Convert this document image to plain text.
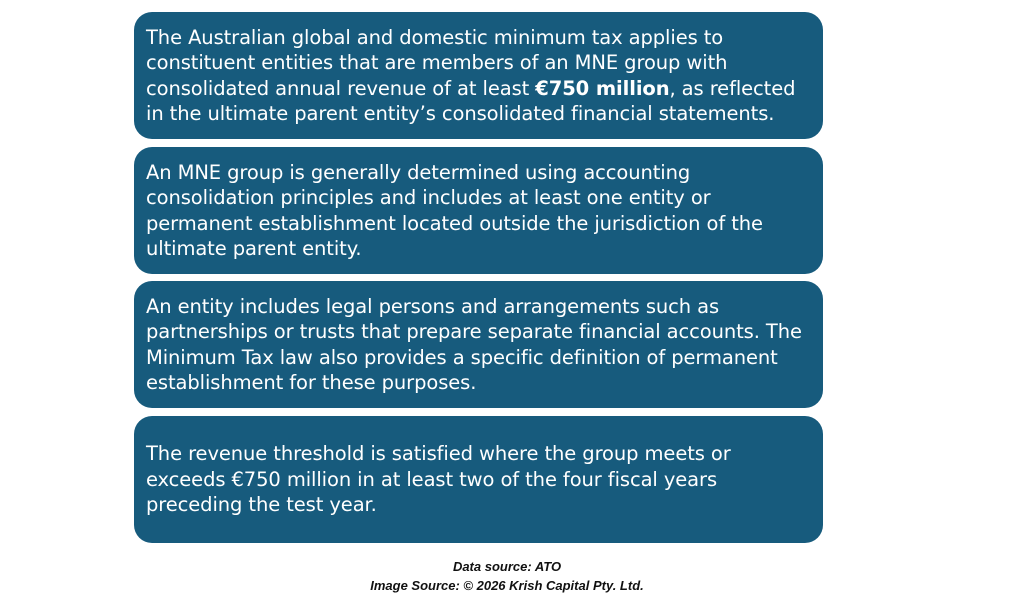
The Australian global and domestic minimum tax applies to constituent entities that are members of an MNE group with consolidated annual revenue of at least €750 million, as reflected in the ultimate parent entity’s consolidated financial statements.

An MNE group is generally determined using accounting consolidation principles and includes at least one entity or permanent establishment located outside the jurisdiction of the ultimate parent entity.

An entity includes legal persons and arrangements such as partnerships or trusts that prepare separate financial accounts. The Minimum Tax law also provides a specific definition of permanent establishment for these purposes.

The revenue threshold is satisfied where the group meets or exceeds €750 million in at least two of the four fiscal years preceding the test year.

Data source: ATO
Image Source: © 2026 Krish Capital Pty. Ltd.
